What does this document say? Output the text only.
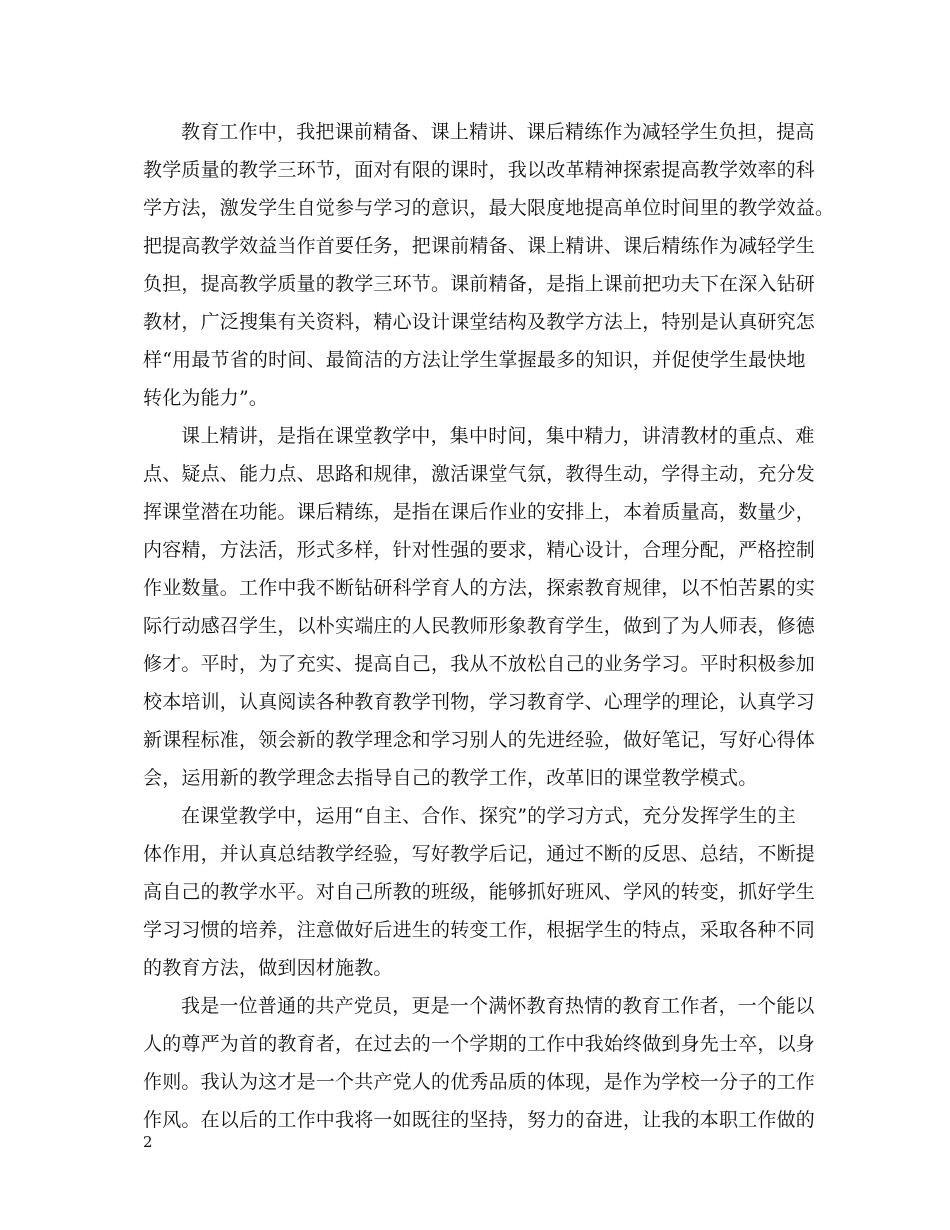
教育工作中，我把课前精备、课上精讲、课后精练作为减轻学生负担，提高
教学质量的教学三环节，面对有限的课时，我以改革精神探索提高教学效率的科
学方法，激发学生自觉参与学习的意识，最大限度地提高单位时间里的教学效益。
把提高教学效益当作首要任务，把课前精备、课上精讲、课后精练作为减轻学生
负担，提高教学质量的教学三环节。课前精备，是指上课前把功夫下在深入钻研
教材，广泛搜集有关资料，精心设计课堂结构及教学方法上，特别是认真研究怎
样“用最节省的时间、最简洁的方法让学生掌握最多的知识，并促使学生最快地
转化为能力”。
课上精讲，是指在课堂教学中，集中时间，集中精力，讲清教材的重点、难
点、疑点、能力点、思路和规律，激活课堂气氛，教得生动，学得主动，充分发
挥课堂潜在功能。课后精练，是指在课后作业的安排上，本着质量高，数量少，
内容精，方法活，形式多样，针对性强的要求，精心设计，合理分配，严格控制
作业数量。工作中我不断钻研科学育人的方法，探索教育规律，以不怕苦累的实
际行动感召学生，以朴实端庄的人民教师形象教育学生，做到了为人师表，修德
修才。平时，为了充实、提高自己，我从不放松自己的业务学习。平时积极参加
校本培训，认真阅读各种教育教学刊物，学习教育学、心理学的理论，认真学习
新课程标准，领会新的教学理念和学习别人的先进经验，做好笔记，写好心得体
会，运用新的教学理念去指导自己的教学工作，改革旧的课堂教学模式。
在课堂教学中，运用“自主、合作、探究”的学习方式，充分发挥学生的主
体作用，并认真总结教学经验，写好教学后记，通过不断的反思、总结，不断提
高自己的教学水平。对自己所教的班级，能够抓好班风、学风的转变，抓好学生
学习习惯的培养，注意做好后进生的转变工作，根据学生的特点，采取各种不同
的教育方法，做到因材施教。
我是一位普通的共产党员，更是一个满怀教育热情的教育工作者，一个能以
人的尊严为首的教育者，在过去的一个学期的工作中我始终做到身先士卒，以身
作则。我认为这才是一个共产党人的优秀品质的体现，是作为学校一分子的工作
作风。在以后的工作中我将一如既往的坚持，努力的奋进，让我的本职工作做的
2
